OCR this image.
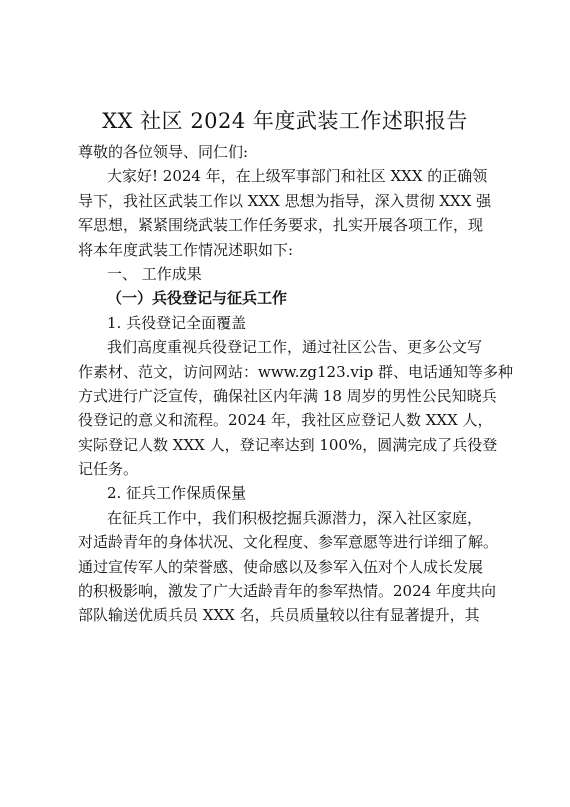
XX 社区 2024 年度武装工作述职报告
尊敬的各位领导、同仁们:
大家好! 2024 年，在上级军事部门和社区 XXX 的正确领
导下，我社区武装工作以 XXX 思想为指导，深入贯彻 XXX 强
军思想，紧紧围绕武装工作任务要求，扎实开展各项工作，现
将本年度武装工作情况述职如下:
一、 工作成果
（一）兵役登记与征兵工作
1. 兵役登记全面覆盖
我们高度重视兵役登记工作，通过社区公告、更多公文写
作素材、范文，访问网站：www.zg123.vip 群、电话通知等多种
方式进行广泛宣传，确保社区内年满 18 周岁的男性公民知晓兵
役登记的意义和流程。2024 年，我社区应登记人数 XXX 人，
实际登记人数 XXX 人，登记率达到 100%，圆满完成了兵役登
记任务。
2. 征兵工作保质保量
在征兵工作中，我们积极挖掘兵源潜力，深入社区家庭，
对适龄青年的身体状况、文化程度、参军意愿等进行详细了解。
通过宣传军人的荣誉感、使命感以及参军入伍对个人成长发展
的积极影响，激发了广大适龄青年的参军热情。2024 年度共向
部队输送优质兵员 XXX 名，兵员质量较以往有显著提升，其
